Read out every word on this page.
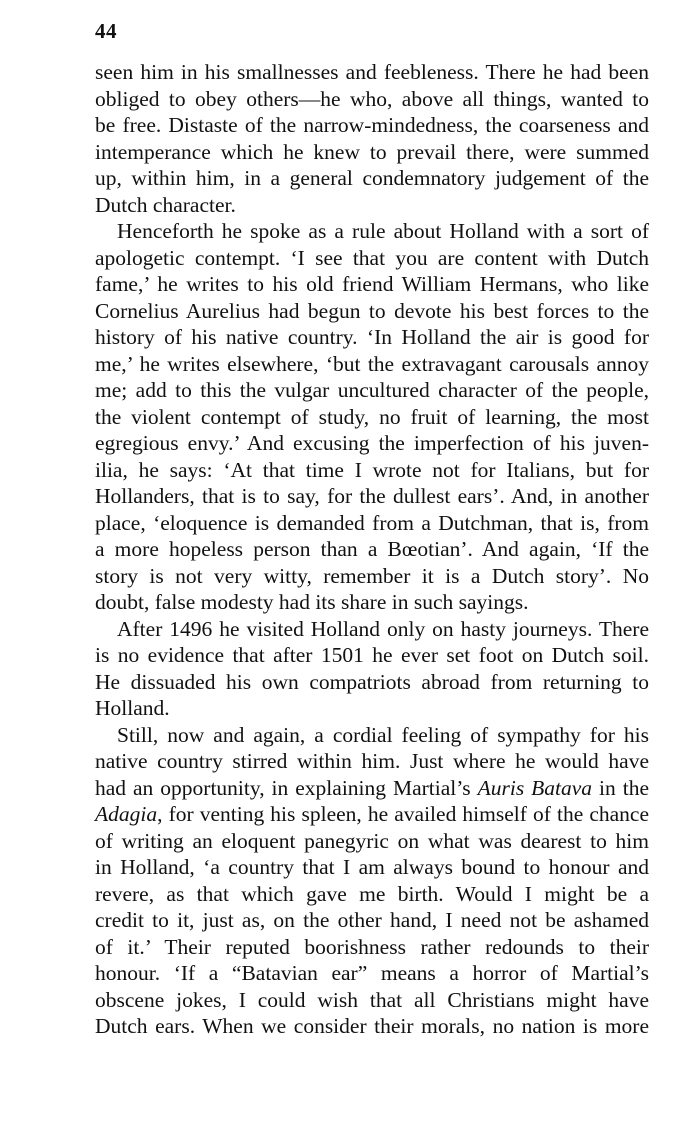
44
seen him in his smallnesses and feebleness. There he had been
obliged to obey others—he who, above all things, wanted to
be free. Distaste of the narrow-mindedness, the coarseness and
intemperance which he knew to prevail there, were summed
up, within him, in a general condemnatory judgement of the
Dutch character.
Henceforth he spoke as a rule about Holland with a sort of
apologetic contempt. ‘I see that you are content with Dutch
fame,’ he writes to his old friend William Hermans, who like
Cornelius Aurelius had begun to devote his best forces to the
history of his native country. ‘In Holland the air is good for
me,’ he writes elsewhere, ‘but the extravagant carousals annoy
me; add to this the vulgar uncultured character of the people,
the violent contempt of study, no fruit of learning, the most
egregious envy.’ And excusing the imperfection of his juven-
ilia, he says: ‘At that time I wrote not for Italians, but for
Hollanders, that is to say, for the dullest ears’. And, in another
place, ‘eloquence is demanded from a Dutchman, that is, from
a more hopeless person than a Bœotian’. And again, ‘If the
story is not very witty, remember it is a Dutch story’. No
doubt, false modesty had its share in such sayings.
After 1496 he visited Holland only on hasty journeys. There
is no evidence that after 1501 he ever set foot on Dutch soil.
He dissuaded his own compatriots abroad from returning to
Holland.
Still, now and again, a cordial feeling of sympathy for his
native country stirred within him. Just where he would have
had an opportunity, in explaining Martial’s Auris Batava in the
Adagia, for venting his spleen, he availed himself of the chance
of writing an eloquent panegyric on what was dearest to him
in Holland, ‘a country that I am always bound to honour and
revere, as that which gave me birth. Would I might be a
credit to it, just as, on the other hand, I need not be ashamed
of it.’ Their reputed boorishness rather redounds to their
honour. ‘If a “Batavian ear” means a horror of Martial’s
obscene jokes, I could wish that all Christians might have
Dutch ears. When we consider their morals, no nation is more
